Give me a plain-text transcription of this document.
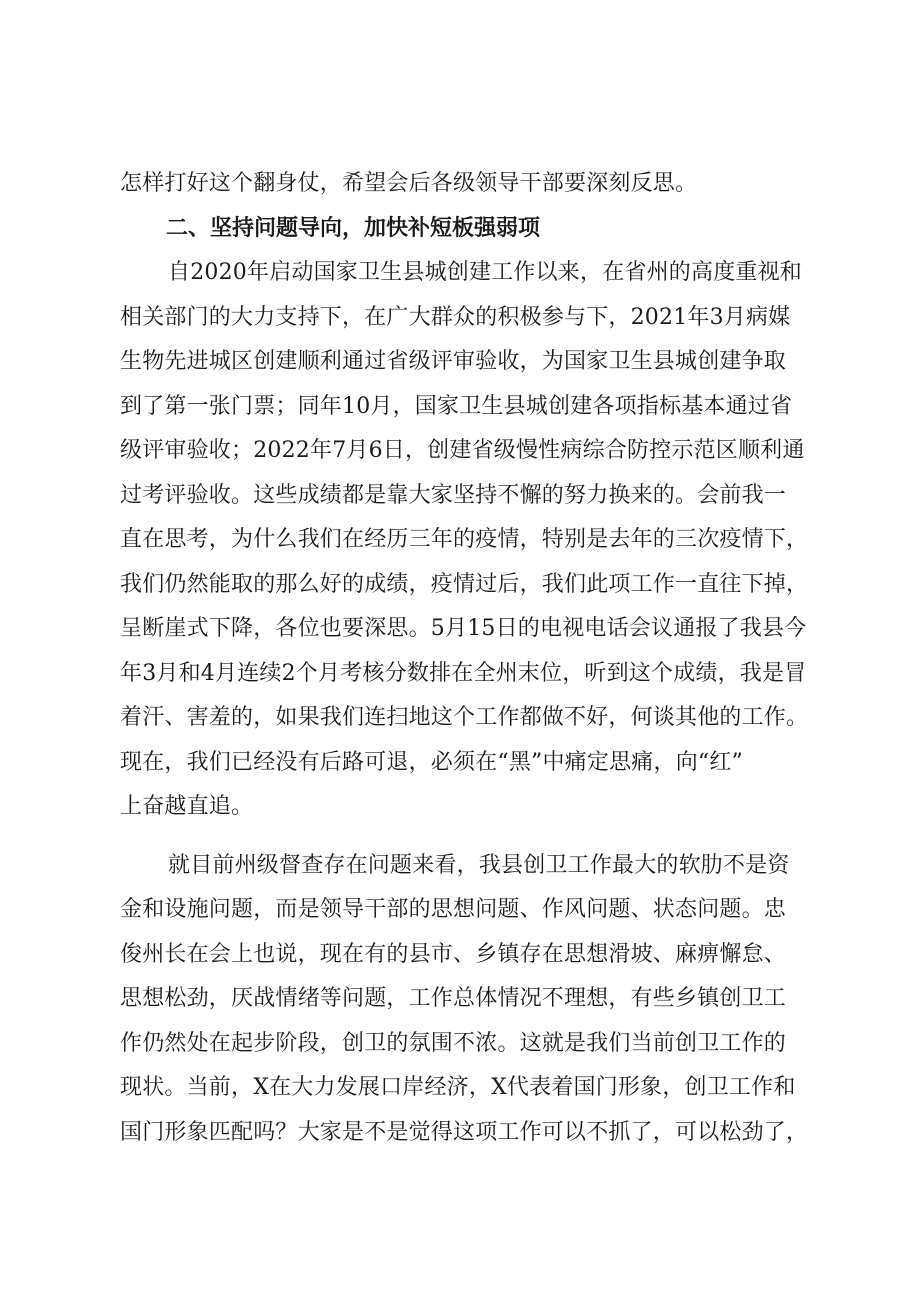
怎样打好这个翻身仗，希望会后各级领导干部要深刻反思。
二、坚持问题导向，加快补短板强弱项
自2020年启动国家卫生县城创建工作以来，在省州的高度重视和
相关部门的大力支持下，在广大群众的积极参与下，2021年3月病媒
生物先进城区创建顺利通过省级评审验收，为国家卫生县城创建争取
到了第一张门票；同年10月，国家卫生县城创建各项指标基本通过省
级评审验收；2022年7月6日，创建省级慢性病综合防控示范区顺利通
过考评验收。这些成绩都是靠大家坚持不懈的努力换来的。会前我一
直在思考，为什么我们在经历三年的疫情，特别是去年的三次疫情下，
我们仍然能取的那么好的成绩，疫情过后，我们此项工作一直往下掉，
呈断崖式下降，各位也要深思。5月15日的电视电话会议通报了我县今
年3月和4月连续2个月考核分数排在全州末位，听到这个成绩，我是冒
着汗、害羞的，如果我们连扫地这个工作都做不好，何谈其他的工作。
现在，我们已经没有后路可退，必须在“黑”中痛定思痛，向“红”
上奋越直追。
就目前州级督查存在问题来看，我县创卫工作最大的软肋不是资
金和设施问题，而是领导干部的思想问题、作风问题、状态问题。忠
俊州长在会上也说，现在有的县市、乡镇存在思想滑坡、麻痹懈怠、
思想松劲，厌战情绪等问题，工作总体情况不理想，有些乡镇创卫工
作仍然处在起步阶段，创卫的氛围不浓。这就是我们当前创卫工作的
现状。当前，X在大力发展口岸经济，X代表着国门形象，创卫工作和
国门形象匹配吗？大家是不是觉得这项工作可以不抓了，可以松劲了，
